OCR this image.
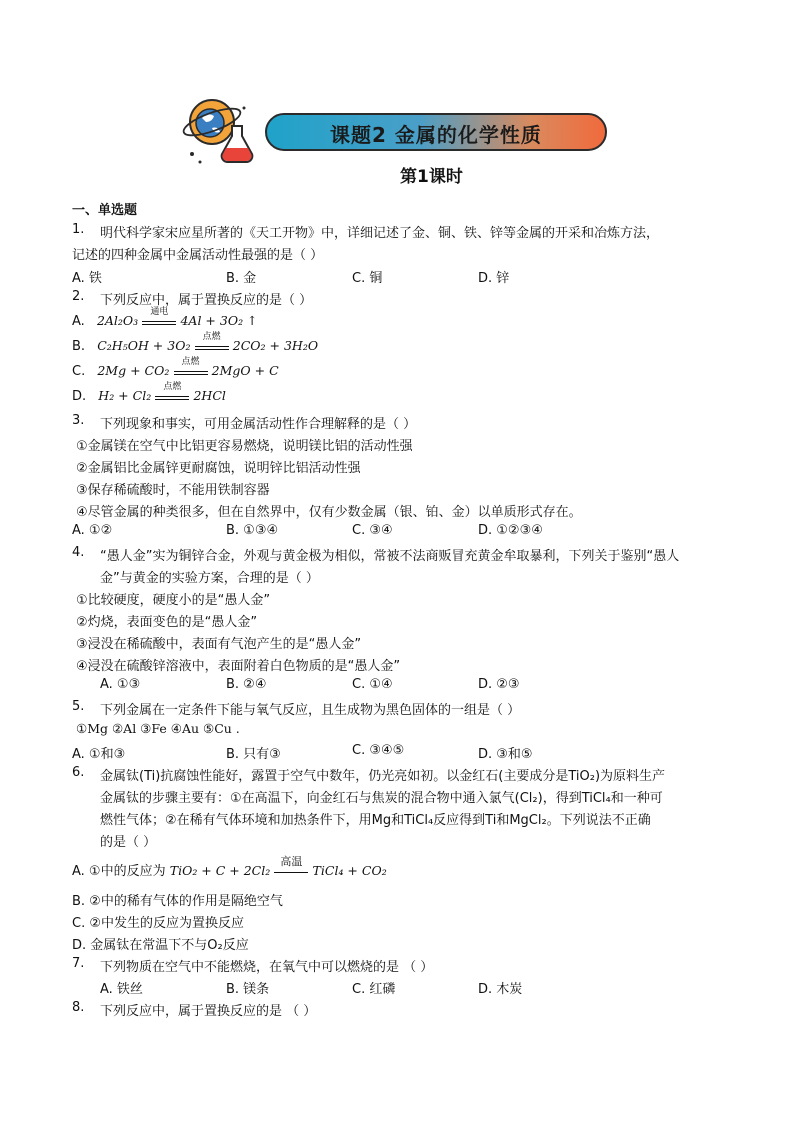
课题2 金属的化学性质
第1课时
一、单选题
1. 明代科学家宋应星所著的《天工开物》中，详细记述了金、铜、铁、锌等金属的开采和冶炼方法，
记述的四种金属中金属活动性最强的是（ ）
A. 铁	B. 金	C. 铜	D. 锌
2. 下列反应中，属于置换反应的是（ ）
A. 2Al₂O₃
通电
4Al + 3O₂ ↑
B. C₂H₅OH + 3O₂
点燃
2CO₂ + 3H₂O
C. 2Mg + CO₂
点燃
2MgO + C
D. H₂ + Cl₂
点燃
2HCl
3. 下列现象和事实，可用金属活动性作合理解释的是（ ）
①金属镁在空气中比铝更容易燃烧，说明镁比铝的活动性强
②金属铝比金属锌更耐腐蚀，说明锌比铝活动性强
③保存稀硫酸时，不能用铁制容器
④尽管金属的种类很多，但在自然界中，仅有少数金属（银、铂、金）以单质形式存在。
A. ①②	B. ①③④	C. ③④	D. ①②③④
4. “愚人金”实为铜锌合金，外观与黄金极为相似，常被不法商贩冒充黄金牟取暴利，下列关于鉴别“愚人
金”与黄金的实验方案，合理的是（ ）
①比较硬度，硬度小的是“愚人金”
②灼烧，表面变色的是“愚人金”
③浸没在稀硫酸中，表面有气泡产生的是“愚人金”
④浸没在硫酸锌溶液中，表面附着白色物质的是“愚人金”
A. ①③	B. ②④	C. ①④	D. ②③
5. 下列金属在一定条件下能与氧气反应，且生成物为黑色固体的一组是（ ）
①Mg ②Al ③Fe ④Au ⑤Cu .
A. ①和③	B. 只有③	C. ③④⑤	D. ③和⑤
6. 金属钛(Ti)抗腐蚀性能好，露置于空气中数年，仍光亮如初。以金红石(主要成分是TiO₂)为原料生产
金属钛的步骤主要有：①在高温下，向金红石与焦炭的混合物中通入氯气(Cl₂)，得到TiCl₄和一种可
燃性气体；②在稀有气体环境和加热条件下，用Mg和TiCl₄反应得到Ti和MgCl₂。下列说法不正确
的是（ ）
A. ①中的反应为 TiO₂ + C + 2Cl₂
高温
TiCl₄ + CO₂
B. ②中的稀有气体的作用是隔绝空气
C. ②中发生的反应为置换反应
D. 金属钛在常温下不与O₂反应
7. 下列物质在空气中不能燃烧，在氧气中可以燃烧的是 （ ）
A. 铁丝	B. 镁条	C. 红磷	D. 木炭
8. 下列反应中，属于置换反应的是 （ ）
